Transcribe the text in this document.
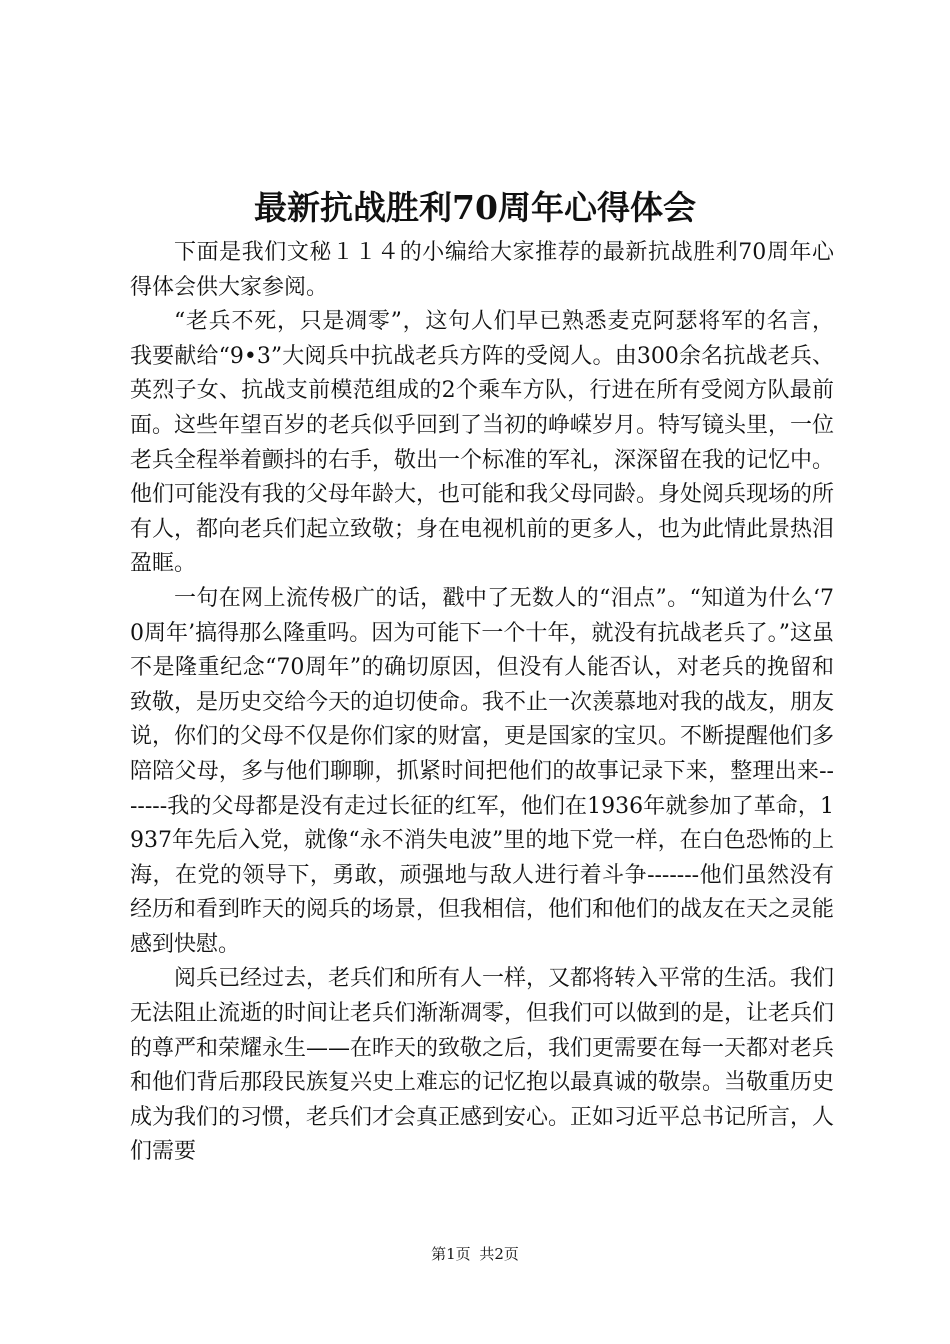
最新抗战胜利70周年心得体会

下面是我们文秘１１４的小编给大家推荐的最新抗战胜利70周年心得体会供大家参阅。

“老兵不死，只是凋零”，这句人们早已熟悉麦克阿瑟将军的名言，我要献给“9•3”大阅兵中抗战老兵方阵的受阅人。由300余名抗战老兵、英烈子女、抗战支前模范组成的2个乘车方队，行进在所有受阅方队最前面。这些年望百岁的老兵似乎回到了当初的峥嵘岁月。特写镜头里，一位老兵全程举着颤抖的右手，敬出一个标准的军礼，深深留在我的记忆中。他们可能没有我的父母年龄大，也可能和我父母同龄。身处阅兵现场的所有人，都向老兵们起立致敬；身在电视机前的更多人，也为此情此景热泪盈眶。

一句在网上流传极广的话，戳中了无数人的“泪点”。“知道为什么‘70周年’搞得那么隆重吗。因为可能下一个十年，就没有抗战老兵了。”这虽不是隆重纪念“70周年”的确切原因，但没有人能否认，对老兵的挽留和致敬，是历史交给今天的迫切使命。我不止一次羡慕地对我的战友，朋友说，你们的父母不仅是你们家的财富，更是国家的宝贝。不断提醒他们多陪陪父母，多与他们聊聊，抓紧时间把他们的故事记录下来，整理出来-------我的父母都是没有走过长征的红军，他们在1936年就参加了革命，1937年先后入党，就像“永不消失电波”里的地下党一样，在白色恐怖的上海，在党的领导下，勇敢，顽强地与敌人进行着斗争-------他们虽然没有经历和看到昨天的阅兵的场景，但我相信，他们和他们的战友在天之灵能感到快慰。

阅兵已经过去，老兵们和所有人一样，又都将转入平常的生活。我们无法阻止流逝的时间让老兵们渐渐凋零，但我们可以做到的是，让老兵们的尊严和荣耀永生——在昨天的致敬之后，我们更需要在每一天都对老兵和他们背后那段民族复兴史上难忘的记忆抱以最真诚的敬崇。当敬重历史成为我们的习惯，老兵们才会真正感到安心。正如习近平总书记所言，人们需要

第1页 共2页
